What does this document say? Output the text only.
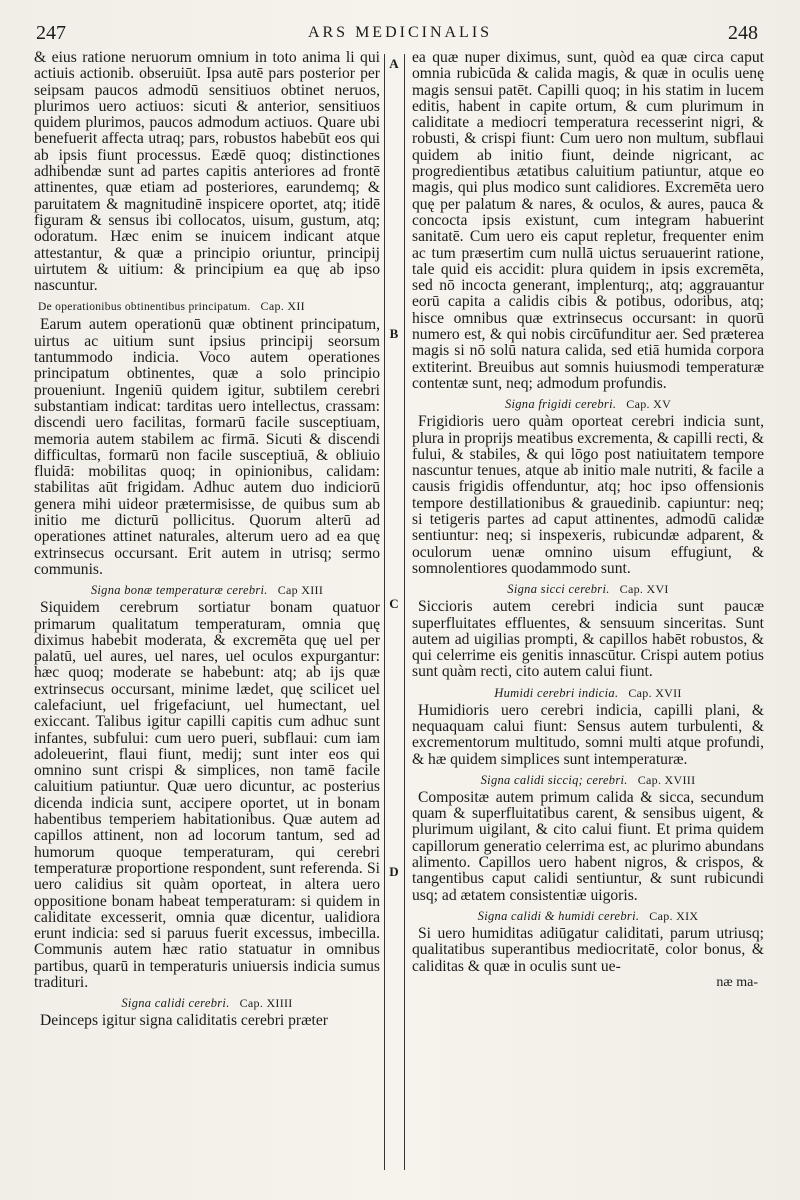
247	ARS MEDICINALIS	248
A
B
C
D

& eius ratione neruorum omnium in toto anima li qui actiuis actionib. obseruiūt. Ipsa autē pars posterior per seipsam paucos admodū sensitiuos obtinet neruos, plurimos uero actiuos: sicuti & anterior, sensitiuos quidem plurimos, paucos admodum actiuos. Quare ubi benefuerit affecta utraq; pars, robustos habebūt eos qui ab ipsis fiunt processus. Eædē quoq; distinctiones adhibendæ sunt ad partes capitis anteriores ad frontē attinentes, quæ etiam ad posteriores, earundemq; & paruitatem & magnitudinē inspicere oportet, atq; itidē figuram & sensus ibi collocatos, uisum, gustum, atq; odoratum. Hæc enim se inuicem indicant atque attestantur, & quæ a principio oriuntur, principij uirtutem & uitium: & principium ea quę ab ipso nascuntur.

De operationibus obtinentibus principatum. Cap. XII

Earum autem operationū quæ obtinent principatum, uirtus ac uitium sunt ipsius principij seorsum tantummodo indicia. Voco autem operationes principatum obtinentes, quæ a solo principio proueniunt. Ingeniū quidem igitur, subtilem cerebri substantiam indicat: tarditas uero intellectus, crassam: discendi uero facilitas, formarū facile susceptiuam, memoria autem stabilem ac firmā. Sicuti & discendi difficultas, formarū non facile susceptiuā, & obliuio fluidā: mobilitas quoq; in opinionibus, calidam: stabilitas aūt frigidam. Adhuc autem duo indiciorū genera mihi uideor prætermisisse, de quibus sum ab initio me dicturū pollicitus. Quorum alterū ad operationes attinet naturales, alterum uero ad ea quę extrinsecus occursant. Erit autem in utrisq; sermo communis.

Signa bonæ temperaturæ cerebri. Cap XIII

Siquidem cerebrum sortiatur bonam quatuor primarum qualitatum temperaturam, omnia quę diximus habebit moderata, & excremēta quę uel per palatū, uel aures, uel nares, uel oculos expurgantur: hæc quoq; moderate se habebunt: atq; ab ijs quæ extrinsecus occursant, minime lædet, quę scilicet uel calefaciunt, uel frigefaciunt, uel humectant, uel exiccant. Talibus igitur capilli capitis cum adhuc sunt infantes, subfului: cum uero pueri, subflaui: cum iam adoleuerint, flaui fiunt, medij; sunt inter eos qui omnino sunt crispi & simplices, non tamē facile caluitium patiuntur. Quæ uero dicuntur, ac posterius dicenda indicia sunt, accipere oportet, ut in bonam habentibus temperiem habitationibus. Quæ autem ad capillos attinent, non ad locorum tantum, sed ad humorum quoque temperaturam, qui cerebri temperaturæ proportione respondent, sunt referenda. Si uero calidius sit quàm oporteat, in altera uero oppositione bonam habeat temperaturam: si quidem in caliditate excesserit, omnia quæ dicentur, ualidiora erunt indicia: sed si paruus fuerit excessus, imbecilla. Communis autem hæc ratio statuatur in omnibus partibus, quarū in temperaturis uniuersis indicia sumus tradituri.

Signa calidi cerebri. Cap. XIIII

Deinceps igitur signa caliditatis cerebri præter

ea quæ nuper diximus, sunt, quòd ea quæ circa caput omnia rubicūda & calida magis, & quæ in oculis uenę magis sensui patēt. Capilli quoq; in his statim in lucem editis, habent in capite ortum, & cum plurimum in caliditate a mediocri temperatura recesserint nigri, & robusti, & crispi fiunt: Cum uero non multum, subflaui quidem ab initio fiunt, deinde nigricant, ac progredientibus ætatibus caluitium patiuntur, atque eo magis, qui plus modico sunt calidiores. Excremēta uero quę per palatum & nares, & oculos, & aures, pauca & concocta ipsis existunt, cum integram habuerint sanitatē. Cum uero eis caput repletur, frequenter enim ac tum præsertim cum nullā uictus seruauerint ratione, tale quid eis accidit: plura quidem in ipsis excremēta, sed nō incocta generant, implenturq;, atq; aggrauantur eorū capita a calidis cibis & potibus, odoribus, atq; hisce omnibus quæ extrinsecus occursant: in quorū numero est, & qui nobis circūfunditur aer. Sed præterea magis si nō solū natura calida, sed etiā humida corpora extiterint. Breuibus aut somnis huiusmodi temperaturæ contentæ sunt, neq; admodum profundis.

Signa frigidi cerebri. Cap. XV

Frigidioris uero quàm oporteat cerebri indicia sunt, plura in proprijs meatibus excrementa, & capilli recti, & fului, & stabiles, & qui lōgo post natiuitatem tempore nascuntur tenues, atque ab initio male nutriti, & facile a causis frigidis offenduntur, atq; hoc ipso offensionis tempore destillationibus & grauedinib. capiuntur: neq; si tetigeris partes ad caput attinentes, admodū calidæ sentiuntur: neq; si inspexeris, rubicundæ adparent, & oculorum uenæ omnino uisum effugiunt, & somnolentiores quodammodo sunt.

Signa sicci cerebri. Cap. XVI

Siccioris autem cerebri indicia sunt paucæ superfluitates effluentes, & sensuum sinceritas. Sunt autem ad uigilias prompti, & capillos habēt robustos, & qui celerrime eis genitis innascūtur. Crispi autem potius sunt quàm recti, cito autem calui fiunt.

Humidi cerebri indicia. Cap. XVII

Humidioris uero cerebri indicia, capilli plani, & nequaquam calui fiunt: Sensus autem turbulenti, & excrementorum multitudo, somni multi atque profundi, & hæ quidem simplices sunt intemperaturæ.

Signa calidi sicciq; cerebri. Cap. XVIII

Compositæ autem primum calida & sicca, secundum quam & superfluitatibus carent, & sensibus uigent, & plurimum uigilant, & cito calui fiunt. Et prima quidem capillorum generatio celerrima est, ac plurimo abundans alimento. Capillos uero habent nigros, & crispos, & tangentibus caput calidi sentiuntur, & sunt rubicundi usq; ad ætatem consistentiæ uigoris.

Signa calidi & humidi cerebri. Cap. XIX

Si uero humiditas adiūgatur caliditati, parum utriusq; qualitatibus superantibus mediocritatē, color bonus, & caliditas & quæ in oculis sunt ue-

næ ma-
